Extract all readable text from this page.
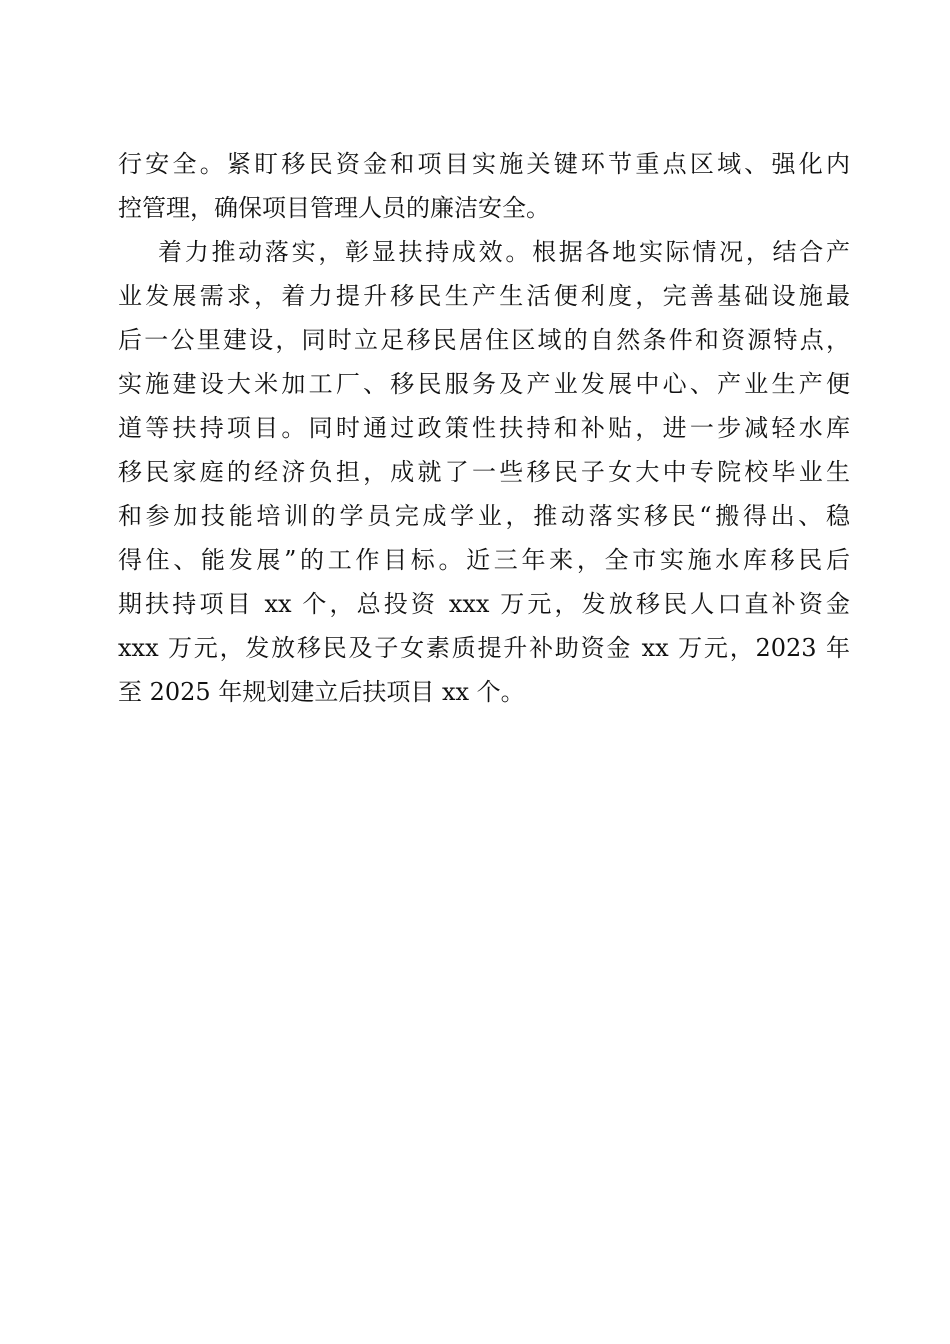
行安全。紧盯移民资金和项目实施关键环节重点区域、强化内
控管理，确保项目管理人员的廉洁安全。
着力推动落实，彰显扶持成效。根据各地实际情况，结合产
业发展需求，着力提升移民生产生活便利度，完善基础设施最
后一公里建设，同时立足移民居住区域的自然条件和资源特点，
实施建设大米加工厂、移民服务及产业发展中心、产业生产便
道等扶持项目。同时通过政策性扶持和补贴，进一步减轻水库
移民家庭的经济负担，成就了一些移民子女大中专院校毕业生
和参加技能培训的学员完成学业，推动落实移民“搬得出、稳
得住、能发展”的工作目标。近三年来，全市实施水库移民后
期扶持项目 xx 个，总投资 xxx 万元，发放移民人口直补资金
xxx 万元，发放移民及子女素质提升补助资金 xx 万元，2023 年
至 2025 年规划建立后扶项目 xx 个。
